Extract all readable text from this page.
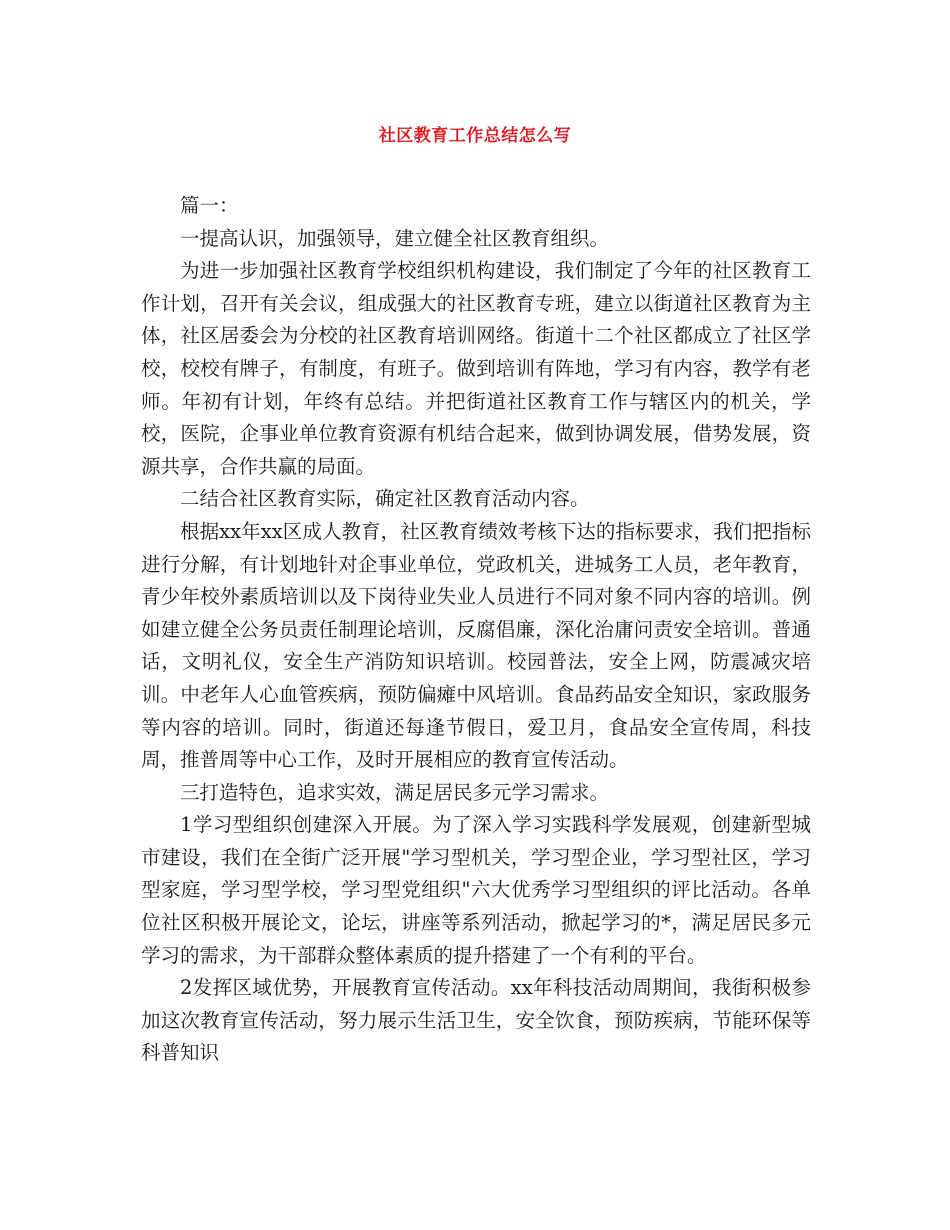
社区教育工作总结怎么写

篇一：

一提高认识，加强领导，建立健全社区教育组织。

为进一步加强社区教育学校组织机构建设，我们制定了今年的社区教育工作计划，召开有关会议，组成强大的社区教育专班，建立以街道社区教育为主体，社区居委会为分校的社区教育培训网络。街道十二个社区都成立了社区学校，校校有牌子，有制度，有班子。做到培训有阵地，学习有内容，教学有老师。年初有计划，年终有总结。并把街道社区教育工作与辖区内的机关，学校，医院，企事业单位教育资源有机结合起来，做到协调发展，借势发展，资源共享，合作共赢的局面。

二结合社区教育实际，确定社区教育活动内容。

根据xx年xx区成人教育，社区教育绩效考核下达的指标要求，我们把指标进行分解，有计划地针对企事业单位，党政机关，进城务工人员，老年教育，青少年校外素质培训以及下岗待业失业人员进行不同对象不同内容的培训。例如建立健全公务员责任制理论培训，反腐倡廉，深化治庸问责安全培训。普通话，文明礼仪，安全生产消防知识培训。校园普法，安全上网，防震减灾培训。中老年人心血管疾病，预防偏瘫中风培训。食品药品安全知识，家政服务等内容的培训。同时，街道还每逢节假日，爱卫月，食品安全宣传周，科技周，推普周等中心工作，及时开展相应的教育宣传活动。

三打造特色，追求实效，满足居民多元学习需求。

1学习型组织创建深入开展。为了深入学习实践科学发展观，创建新型城市建设，我们在全街广泛开展"学习型机关，学习型企业，学习型社区，学习型家庭，学习型学校，学习型党组织"六大优秀学习型组织的评比活动。各单位社区积极开展论文，论坛，讲座等系列活动，掀起学习的*，满足居民多元学习的需求，为干部群众整体素质的提升搭建了一个有利的平台。

2发挥区域优势，开展教育宣传活动。xx年科技活动周期间，我街积极参加这次教育宣传活动，努力展示生活卫生，安全饮食，预防疾病，节能环保等科普知识
